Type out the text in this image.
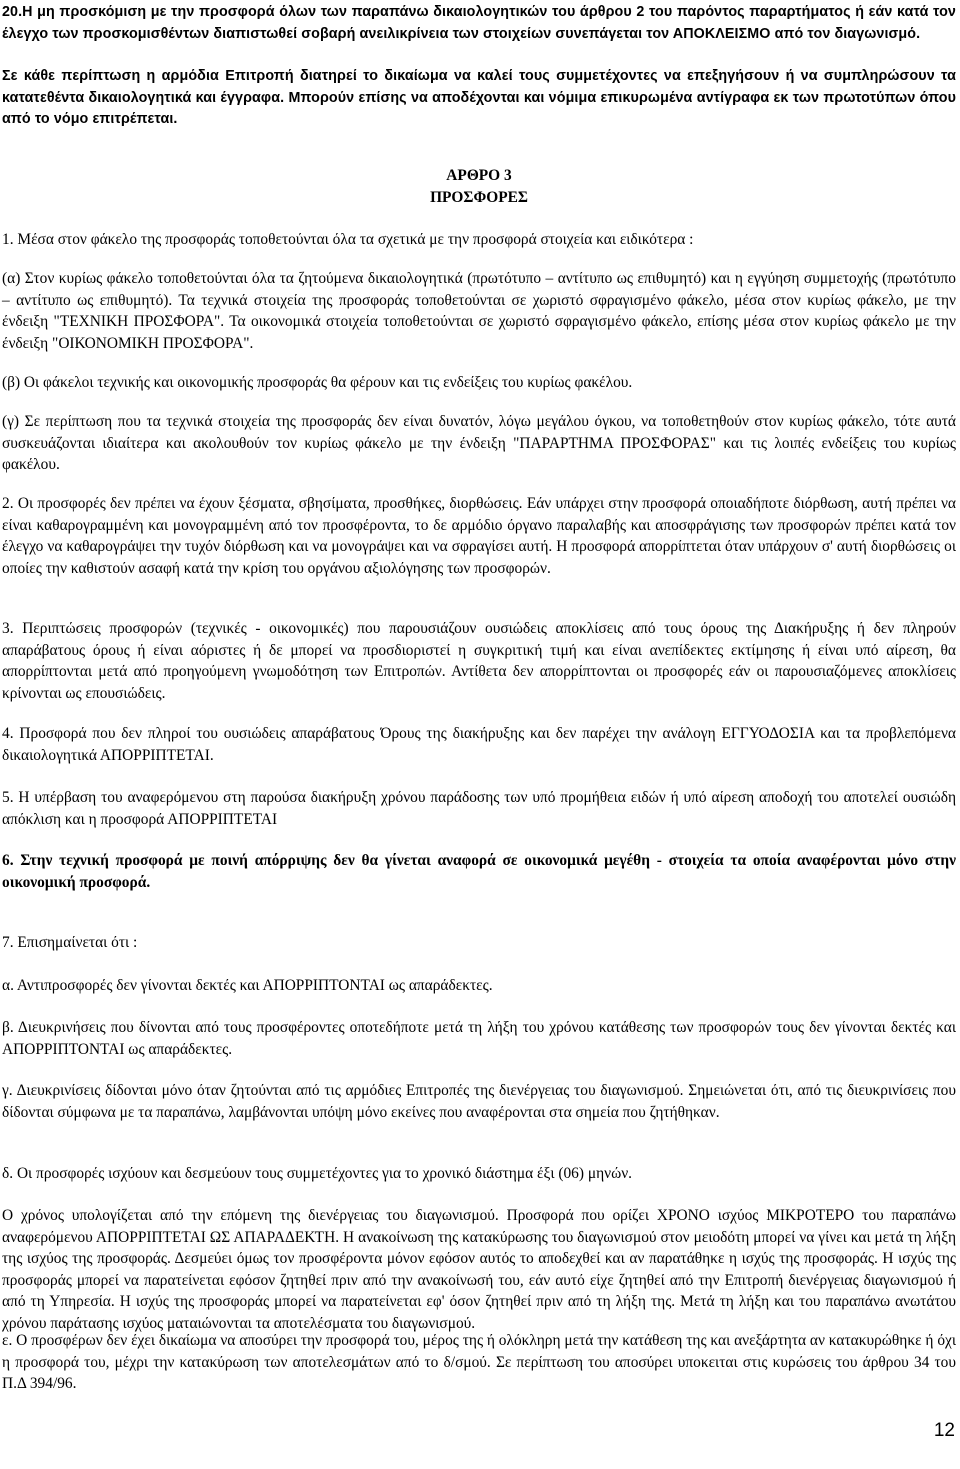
20.Η μη προσκόμιση με την προσφορά όλων των παραπάνω δικαιολογητικών του άρθρου 2 του παρόντος παραρτήματος ή εάν κατά τον έλεγχο των προσκομισθέντων διαπιστωθεί σοβαρή ανειλικρίνεια των στοιχείων συνεπάγεται τον ΑΠΟΚΛΕΙΣΜΟ από τον διαγωνισμό.

Σε κάθε περίπτωση η αρμόδια Επιτροπή διατηρεί το δικαίωμα να καλεί τους συμμετέχοντες να επεξηγήσουν ή να συμπληρώσουν τα κατατεθέντα δικαιολογητικά και έγγραφα. Μπορούν επίσης να αποδέχονται και νόμιμα επικυρωμένα αντίγραφα εκ των πρωτοτύπων όπου από το νόμο επιτρέπεται.

ΑΡΘΡΟ 3
ΠΡΟΣΦΟΡΕΣ

1. Μέσα στον φάκελο της προσφοράς τοποθετούνται όλα τα σχετικά με την προσφορά στοιχεία και ειδικότερα :

(α) Στον κυρίως φάκελο τοποθετούνται όλα τα ζητούμενα δικαιολογητικά (πρωτότυπο – αντίτυπο ως επιθυμητό) και η εγγύηση συμμετοχής (πρωτότυπο – αντίτυπο ως επιθυμητό). Τα τεχνικά στοιχεία της προσφοράς τοποθετούνται σε χωριστό σφραγισμένο φάκελο, μέσα στον κυρίως φάκελο, με την ένδειξη "ΤΕΧΝΙΚΗ ΠΡΟΣΦΟΡΑ". Τα οικονομικά στοιχεία τοποθετούνται σε χωριστό σφραγισμένο φάκελο, επίσης μέσα στον κυρίως φάκελο με την ένδειξη "ΟΙΚΟΝΟΜΙΚΗ ΠΡΟΣΦΟΡΑ".

(β) Οι φάκελοι τεχνικής και οικονομικής προσφοράς θα φέρουν και τις ενδείξεις του κυρίως φακέλου.

(γ) Σε περίπτωση που τα τεχνικά στοιχεία της προσφοράς δεν είναι δυνατόν, λόγω μεγάλου όγκου, να τοποθετηθούν στον κυρίως φάκελο, τότε αυτά συσκευάζονται ιδιαίτερα και ακολουθούν τον κυρίως φάκελο με την ένδειξη "ΠΑΡΑΡΤΗΜΑ ΠΡΟΣΦΟΡΑΣ" και τις λοιπές ενδείξεις του κυρίως φακέλου.

2. Οι προσφορές δεν πρέπει να έχουν ξέσματα, σβησίματα, προσθήκες, διορθώσεις. Εάν υπάρχει στην προσφορά οποιαδήποτε διόρθωση, αυτή πρέπει να είναι καθαρογραμμένη και μονογραμμένη από τον προσφέροντα, το δε αρμόδιο όργανο παραλαβής και αποσφράγισης των προσφορών πρέπει κατά τον έλεγχο να καθαρογράψει την τυχόν διόρθωση και να μονογράψει και να σφραγίσει αυτή. Η προσφορά απορρίπτεται όταν υπάρχουν σ' αυτή διορθώσεις οι οποίες την καθιστούν ασαφή κατά την κρίση του οργάνου αξιολόγησης των προσφορών.

3. Περιπτώσεις προσφορών (τεχνικές - οικονομικές) που παρουσιάζουν ουσιώδεις αποκλίσεις από τους όρους της Διακήρυξης ή δεν πληρούν απαράβατους όρους ή είναι αόριστες ή δε μπορεί να προσδιοριστεί η συγκριτική τιμή και είναι ανεπίδεκτες εκτίμησης ή είναι υπό αίρεση, θα απορρίπτονται μετά από προηγούμενη γνωμοδότηση των Επιτροπών. Αντίθετα δεν απορρίπτονται οι προσφορές εάν οι παρουσιαζόμενες αποκλίσεις κρίνονται ως επουσιώδεις.

4. Προσφορά που δεν πληροί του ουσιώδεις απαράβατους Όρους της διακήρυξης και δεν παρέχει την ανάλογη ΕΓΓΥΟΔΟΣΙΑ και τα προβλεπόμενα δικαιολογητικά ΑΠΟΡΡΙΠΤΕΤΑΙ.

5. Η υπέρβαση του αναφερόμενου στη παρούσα διακήρυξη χρόνου παράδοσης των υπό προμήθεια ειδών ή υπό αίρεση αποδοχή του αποτελεί ουσιώδη απόκλιση και η προσφορά ΑΠΟΡΡΙΠΤΕΤΑΙ

6. Στην τεχνική προσφορά με ποινή απόρριψης δεν θα γίνεται αναφορά σε οικονομικά μεγέθη - στοιχεία τα οποία αναφέρονται μόνο στην οικονομική προσφορά.

7. Επισημαίνεται ότι :

α. Αντιπροσφορές δεν γίνονται δεκτές και ΑΠΟΡΡΙΠΤΟΝΤΑΙ ως απαράδεκτες.

β. Διευκρινήσεις που δίνονται από τους προσφέροντες οποτεδήποτε μετά τη λήξη του χρόνου κατάθεσης των προσφορών τους δεν γίνονται δεκτές και ΑΠΟΡΡΙΠΤΟΝΤΑΙ ως απαράδεκτες.

γ. Διευκρινίσεις δίδονται μόνο όταν ζητούνται από τις αρμόδιες Επιτροπές της διενέργειας του διαγωνισμού. Σημειώνεται ότι, από τις διευκρινίσεις που δίδονται σύμφωνα με τα παραπάνω, λαμβάνονται υπόψη μόνο εκείνες που αναφέρονται στα σημεία που ζητήθηκαν.

δ. Οι προσφορές ισχύουν και δεσμεύουν τους συμμετέχοντες για το χρονικό διάστημα έξι (06) μηνών.

Ο χρόνος υπολογίζεται από την επόμενη της διενέργειας του διαγωνισμού. Προσφορά που ορίζει ΧΡΟΝΟ ισχύος ΜΙΚΡΟΤΕΡΟ του παραπάνω αναφερόμενου ΑΠΟΡΡΙΠΤΕΤΑΙ ΩΣ ΑΠΑΡΑΔΕΚΤΗ. Η ανακοίνωση της κατακύρωσης του διαγωνισμού στον μειοδότη μπορεί να γίνει και μετά τη λήξη της ισχύος της προσφοράς. Δεσμεύει όμως τον προσφέροντα μόνον εφόσον αυτός το αποδεχθεί και αν παρατάθηκε η ισχύς της προσφοράς. Η ισχύς της προσφοράς μπορεί να παρατείνεται εφόσον ζητηθεί πριν από την ανακοίνωσή του, εάν αυτό είχε ζητηθεί από την Επιτροπή διενέργειας διαγωνισμού ή από τη Υπηρεσία. Η ισχύς της προσφοράς μπορεί να παρατείνεται εφ' όσον ζητηθεί πριν από τη λήξη της. Μετά τη λήξη και του παραπάνω ανωτάτου χρόνου παράτασης ισχύος ματαιώνονται τα αποτελέσματα του διαγωνισμού.

ε. Ο προσφέρων δεν έχει δικαίωμα να αποσύρει την προσφορά του, μέρος της ή ολόκληρη μετά την κατάθεση της και ανεξάρτητα αν κατακυρώθηκε ή όχι η προσφορά του, μέχρι την κατακύρωση των αποτελεσμάτων από το δ/σμού. Σε περίπτωση του αποσύρει υποκειται στις κυρώσεις του άρθρου 34 του Π.Δ 394/96.

12
